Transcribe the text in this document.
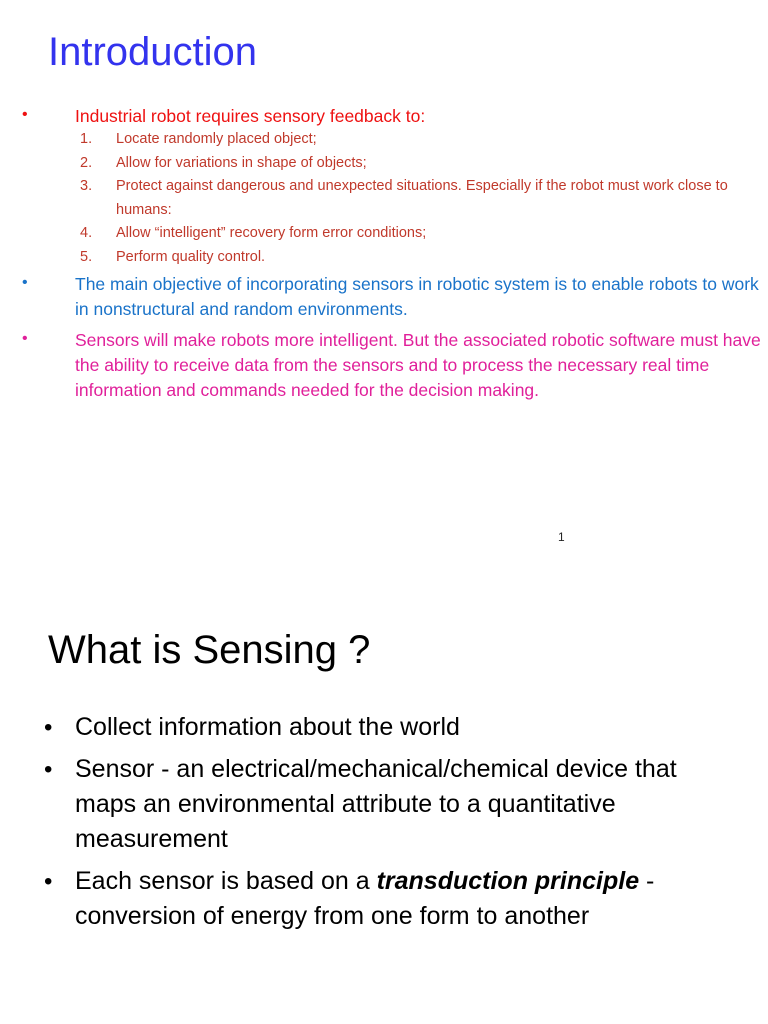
Introduction
•	Industrial robot requires sensory feedback to:
1. Locate randomly placed object;
2. Allow for variations in shape of objects;
3. Protect against dangerous and unexpected situations. Especially if the robot must work close to humans:
4. Allow “intelligent” recovery form error conditions;
5. Perform quality control.
•	The main objective of incorporating sensors in robotic system is to enable robots to work in nonstructural and random environments.
•	Sensors will make robots more intelligent. But the associated robotic software must have the ability to receive data from the sensors and to process the necessary real time information and commands needed for the decision making.
1
What is Sensing ?
• Collect information about the world
• Sensor - an electrical/mechanical/chemical device that maps an environmental attribute to a quantitative measurement
• Each sensor is based on a transduction principle - conversion of energy from one form to another
